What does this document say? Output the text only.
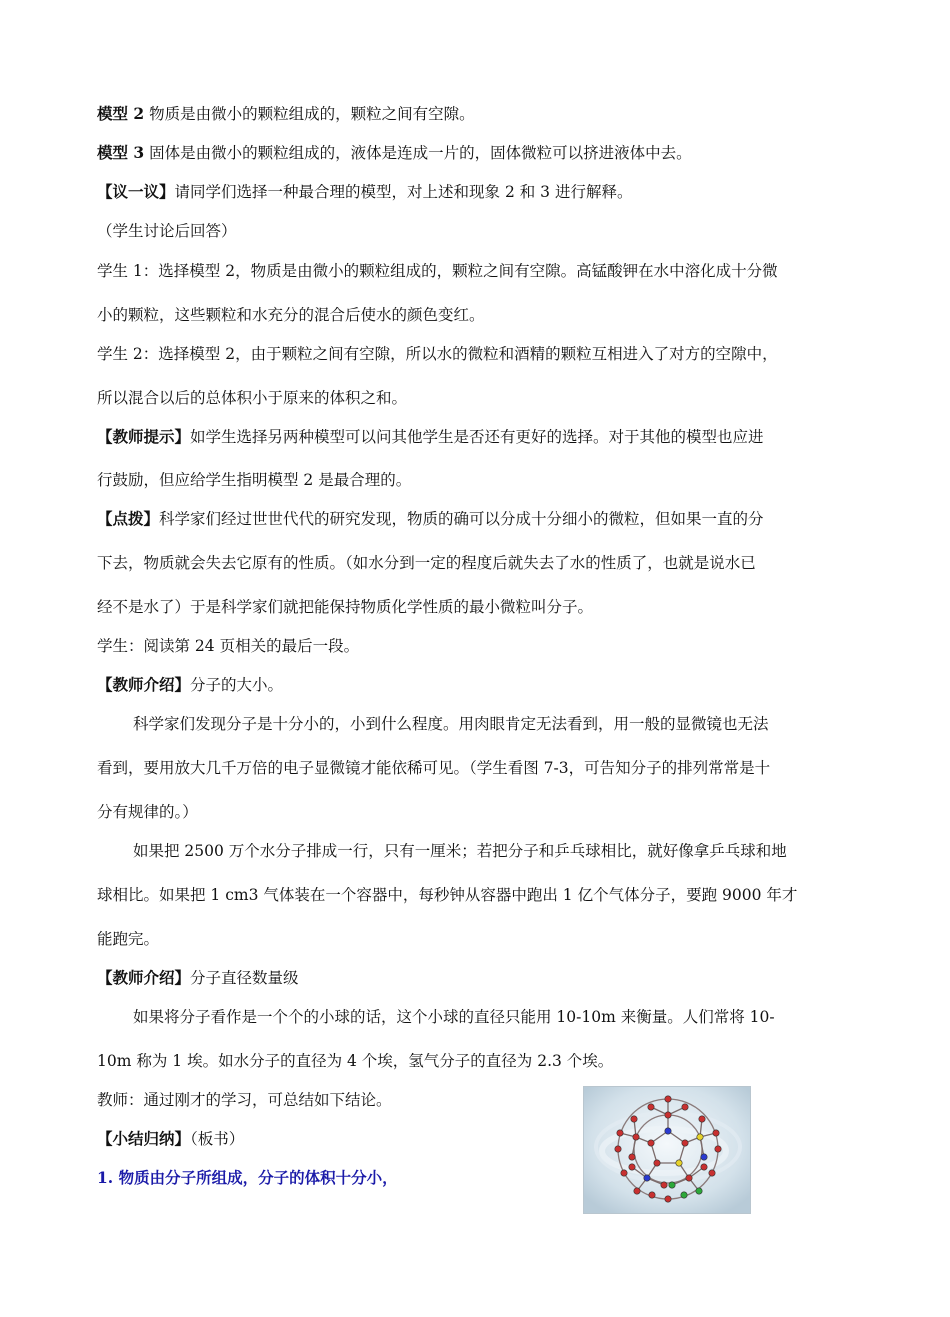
模型 2 物质是由微小的颗粒组成的，颗粒之间有空隙。

模型 3 固体是由微小的颗粒组成的，液体是连成一片的，固体微粒可以挤进液体中去。

【议一议】请同学们选择一种最合理的模型，对上述和现象 2 和 3 进行解释。

（学生讨论后回答）

学生 1：选择模型 2，物质是由微小的颗粒组成的，颗粒之间有空隙。高锰酸钾在水中溶化成十分微

小的颗粒，这些颗粒和水充分的混合后使水的颜色变红。

学生 2：选择模型 2，由于颗粒之间有空隙，所以水的微粒和酒精的颗粒互相进入了对方的空隙中，

所以混合以后的总体积小于原来的体积之和。

【教师提示】如学生选择另两种模型可以问其他学生是否还有更好的选择。对于其他的模型也应进

行鼓励，但应给学生指明模型 2 是最合理的。

【点拨】科学家们经过世世代代的研究发现，物质的确可以分成十分细小的微粒，但如果一直的分

下去，物质就会失去它原有的性质。（如水分到一定的程度后就失去了水的性质了，也就是说水已

经不是水了）于是科学家们就把能保持物质化学性质的最小微粒叫分子。

学生：阅读第 24 页相关的最后一段。

【教师介绍】分子的大小。

科学家们发现分子是十分小的，小到什么程度。用肉眼肯定无法看到，用一般的显微镜也无法

看到，要用放大几千万倍的电子显微镜才能依稀可见。（学生看图 7-3，可告知分子的排列常常是十

分有规律的。）

如果把 2500 万个水分子排成一行，只有一厘米；若把分子和乒乓球相比，就好像拿乒乓球和地

球相比。如果把 1 cm3 气体装在一个容器中，每秒钟从容器中跑出 1 亿个气体分子，要跑 9000 年才

能跑完。

【教师介绍】分子直径数量级

如果将分子看作是一个个的小球的话，这个小球的直径只能用 10-10m 来衡量。人们常将 10-

10m 称为 1 埃。如水分子的直径为 4 个埃，氢气分子的直径为 2.3 个埃。

教师：通过刚才的学习，可总结如下结论。

【小结归纳】（板书）

1. 物质由分子所组成，分子的体积十分小，
